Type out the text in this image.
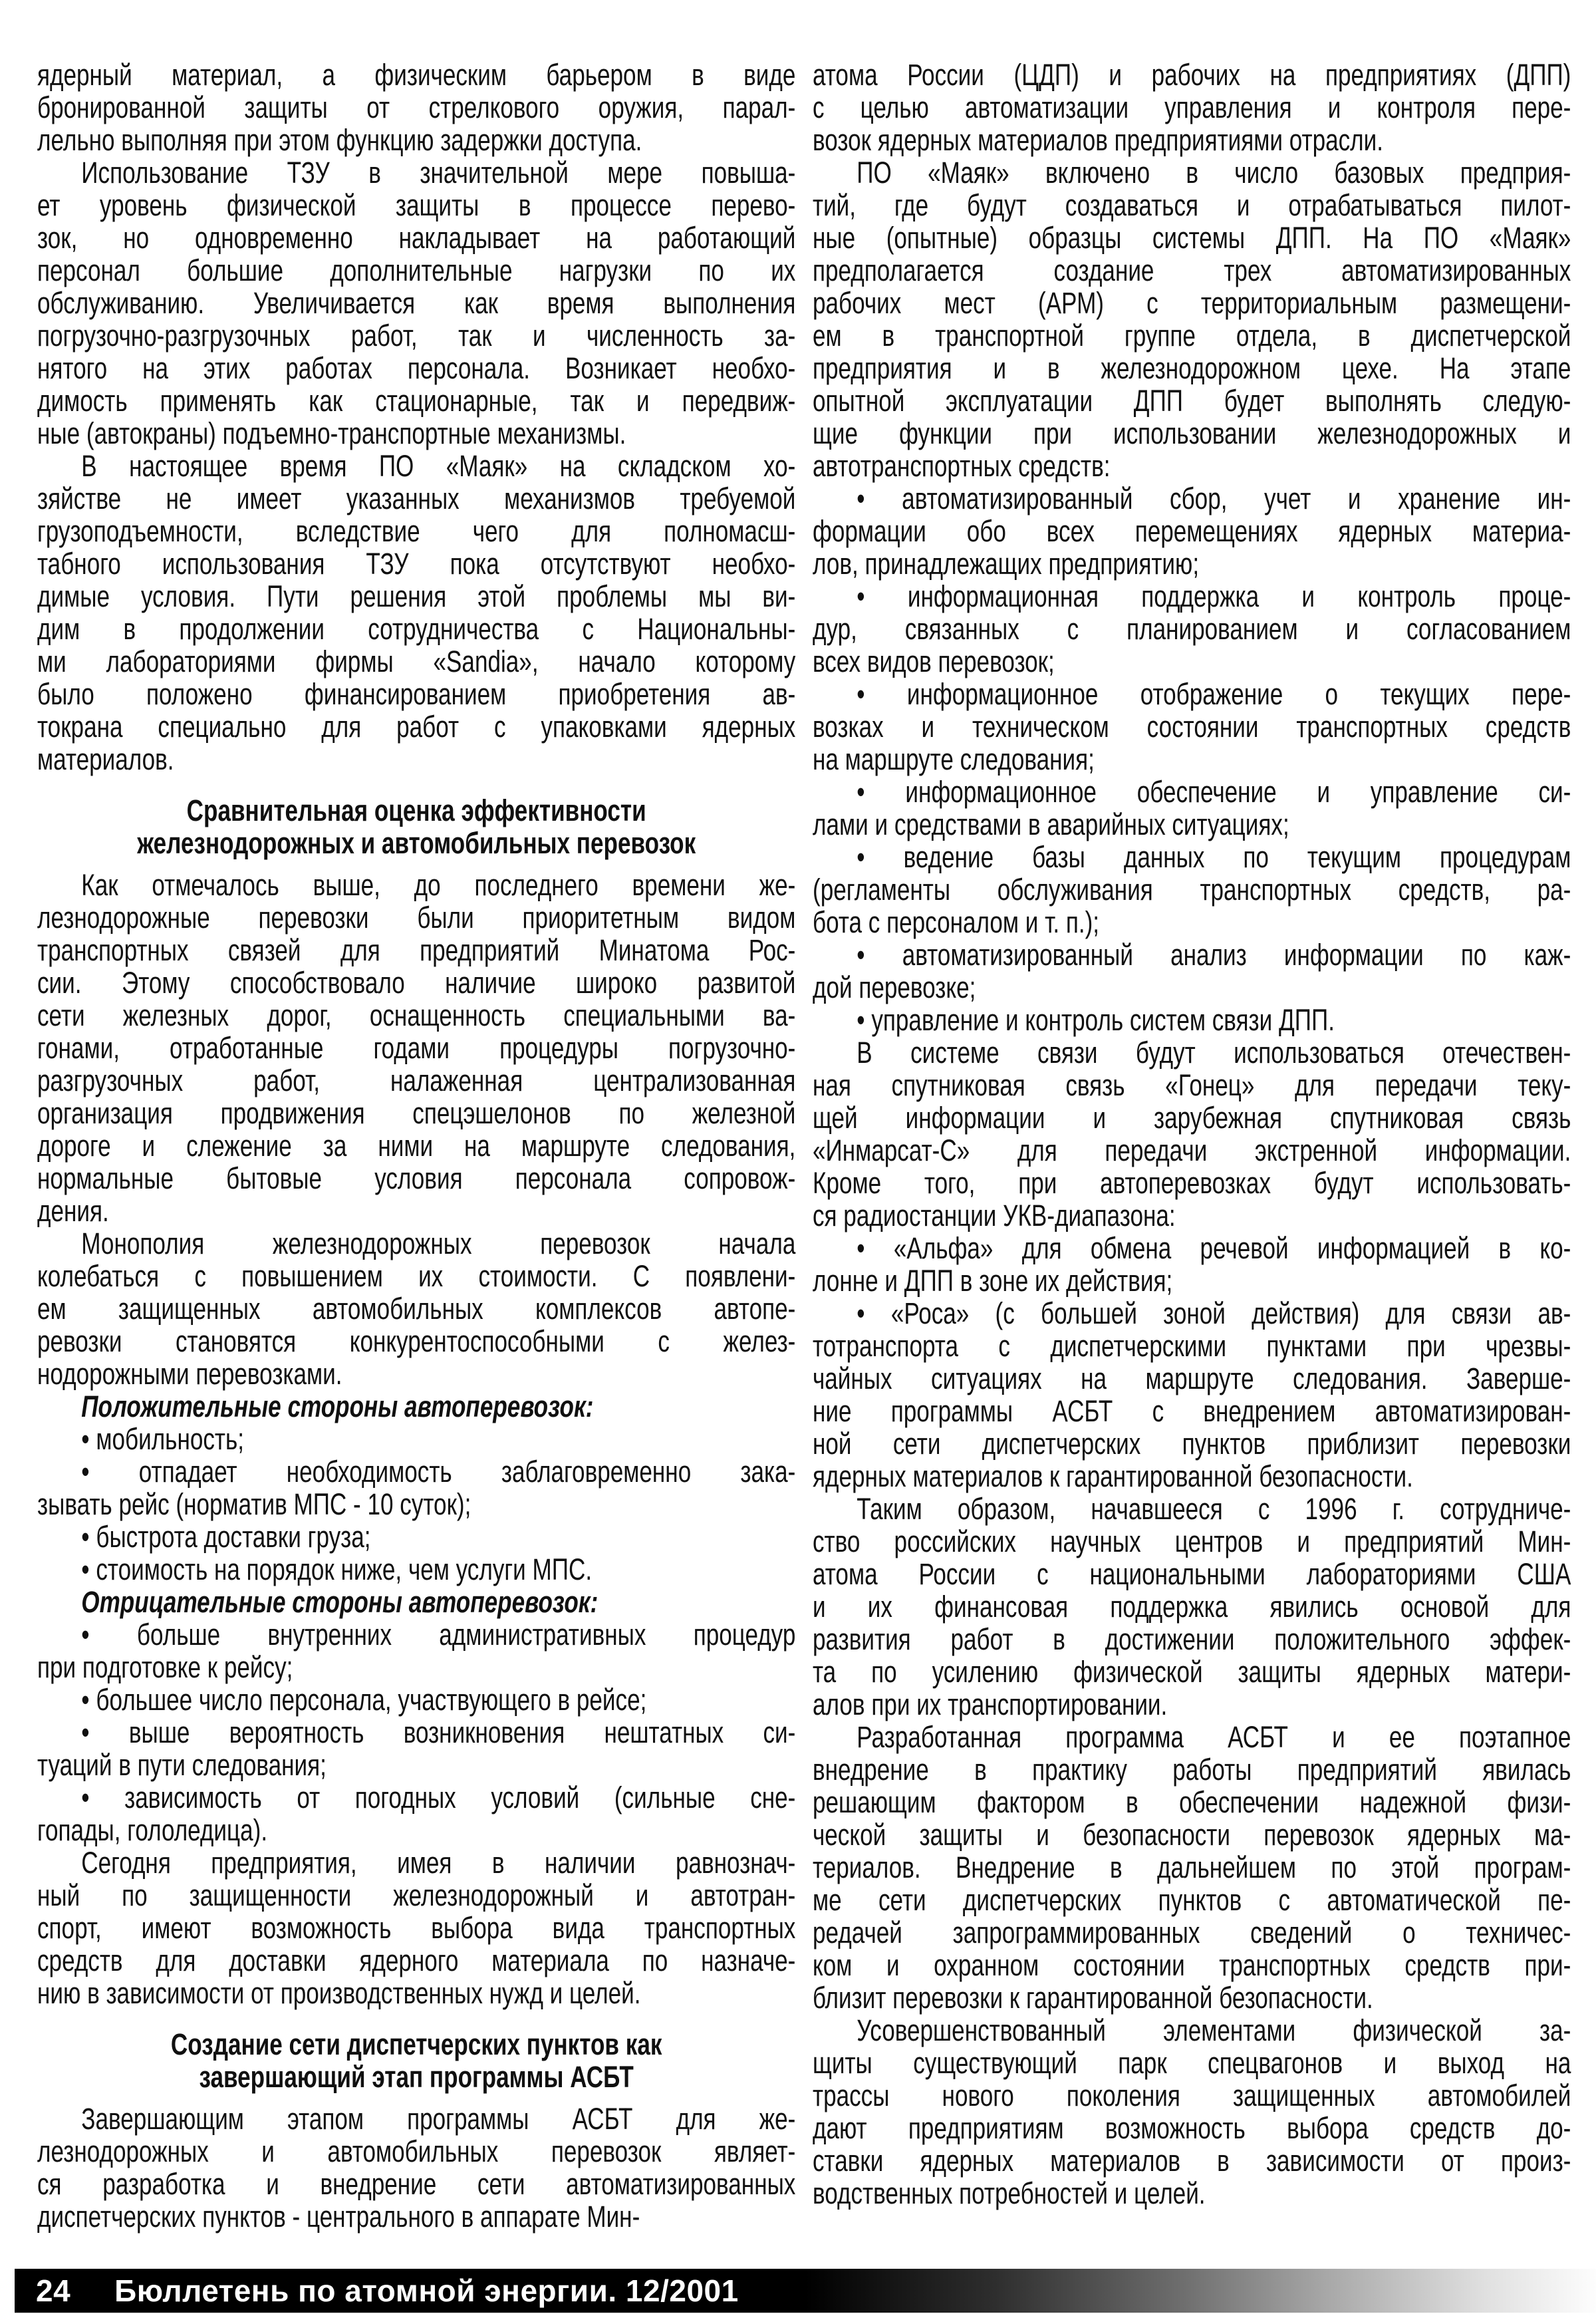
ядерный материал, а физическим барьером в виде
бронированной защиты от стрелкового оружия, парал-
лельно выполняя при этом функцию задержки доступа.
Использование ТЗУ в значительной мере повыша-
ет уровень физической защиты в процессе перево-
зок, но одновременно накладывает на работающий
персонал большие дополнительные нагрузки по их
обслуживанию. Увеличивается как время выполнения
погрузочно-разгрузочных работ, так и численность за-
нятого на этих работах персонала. Возникает необхо-
димость применять как стационарные, так и передвиж-
ные (автокраны) подъемно-транспортные механизмы.
В настоящее время ПО «Маяк» на складском хо-
зяйстве не имеет указанных механизмов требуемой
грузоподъемности, вследствие чего для полномасш-
табного использования ТЗУ пока отсутствуют необхо-
димые условия. Пути решения этой проблемы мы ви-
дим в продолжении сотрудничества с Национальны-
ми лабораториями фирмы «Sandia», начало которому
было положено финансированием приобретения ав-
токрана специально для работ с упаковками ядерных
материалов.
Сравнительная оценка эффективности
железнодорожных и автомобильных перевозок
Как отмечалось выше, до последнего времени же-
лезнодорожные перевозки были приоритетным видом
транспортных связей для предприятий Минатома Рос-
сии. Этому способствовало наличие широко развитой
сети железных дорог, оснащенность специальными ва-
гонами, отработанные годами процедуры погрузочно-
разгрузочных работ, налаженная централизованная
организация продвижения спецэшелонов по железной
дороге и слежение за ними на маршруте следования,
нормальные бытовые условия персонала сопровож-
дения.
Монополия железнодорожных перевозок начала
колебаться с повышением их стоимости. С появлени-
ем защищенных автомобильных комплексов автопе-
ревозки становятся конкурентоспособными с желез-
нодорожными перевозками.
Положительные стороны автоперевозок:
• мобильность;
• отпадает необходимость заблаговременно зака-
зывать рейс (норматив МПС - 10 суток);
• быстрота доставки груза;
• стоимость на порядок ниже, чем услуги МПС.
Отрицательные стороны автоперевозок:
• больше внутренних административных процедур
при подготовке к рейсу;
• большее число персонала, участвующего в рейсе;
• выше вероятность возникновения нештатных си-
туаций в пути следования;
• зависимость от погодных условий (сильные сне-
гопады, гололедица).
Сегодня предприятия, имея в наличии равнознач-
ный по защищенности железнодорожный и автотран-
спорт, имеют возможность выбора вида транспортных
средств для доставки ядерного материала по назначе-
нию в зависимости от производственных нужд и целей.
Создание сети диспетчерских пунктов как
завершающий этап программы АСБТ
Завершающим этапом программы АСБТ для же-
лезнодорожных и автомобильных перевозок являет-
ся разработка и внедрение сети автоматизированных
диспетчерских пунктов - центрального в аппарате Мин-
атома России (ЦДП) и рабочих на предприятиях (ДПП)
с целью автоматизации управления и контроля пере-
возок ядерных материалов предприятиями отрасли.
ПО «Маяк» включено в число базовых предприя-
тий, где будут создаваться и отрабатываться пилот-
ные (опытные) образцы системы ДПП. На ПО «Маяк»
предполагается создание трех автоматизированных
рабочих мест (АРМ) с территориальным размещени-
ем в транспортной группе отдела, в диспетчерской
предприятия и в железнодорожном цехе. На этапе
опытной эксплуатации ДПП будет выполнять следую-
щие функции при использовании железнодорожных и
автотранспортных средств:
• автоматизированный сбор, учет и хранение ин-
формации обо всех перемещениях ядерных материа-
лов, принадлежащих предприятию;
• информационная поддержка и контроль проце-
дур, связанных с планированием и согласованием
всех видов перевозок;
• информационное отображение о текущих пере-
возках и техническом состоянии транспортных средств
на маршруте следования;
• информационное обеспечение и управление си-
лами и средствами в аварийных ситуациях;
• ведение базы данных по текущим процедурам
(регламенты обслуживания транспортных средств, ра-
бота с персоналом и т. п.);
• автоматизированный анализ информации по каж-
дой перевозке;
• управление и контроль систем связи ДПП.
В системе связи будут использоваться отечествен-
ная спутниковая связь «Гонец» для передачи теку-
щей информации и зарубежная спутниковая связь
«Инмарсат-С» для передачи экстренной информации.
Кроме того, при автоперевозках будут использовать-
ся радиостанции УКВ-диапазона:
• «Альфа» для обмена речевой информацией в ко-
лонне и ДПП в зоне их действия;
• «Роса» (с большей зоной действия) для связи ав-
тотранспорта с диспетчерскими пунктами при чрезвы-
чайных ситуациях на маршруте следования. Заверше-
ние программы АСБТ с внедрением автоматизирован-
ной сети диспетчерских пунктов приблизит перевозки
ядерных материалов к гарантированной безопасности.
Таким образом, начавшееся с 1996 г. сотрудниче-
ство российских научных центров и предприятий Мин-
атома России с национальными лабораториями США
и их финансовая поддержка явились основой для
развития работ в достижении положительного эффек-
та по усилению физической защиты ядерных матери-
алов при их транспортировании.
Разработанная программа АСБТ и ее поэтапное
внедрение в практику работы предприятий явилась
решающим фактором в обеспечении надежной физи-
ческой защиты и безопасности перевозок ядерных ма-
териалов. Внедрение в дальнейшем по этой програм-
ме сети диспетчерских пунктов с автоматической пе-
редачей запрограммированных сведений о техничес-
ком и охранном состоянии транспортных средств при-
близит перевозки к гарантированной безопасности.
Усовершенствованный элементами физической за-
щиты существующий парк спецвагонов и выход на
трассы нового поколения защищенных автомобилей
дают предприятиям возможность выбора средств до-
ставки ядерных материалов в зависимости от произ-
водственных потребностей и целей.
24 Бюллетень по атомной энергии. 12/2001
